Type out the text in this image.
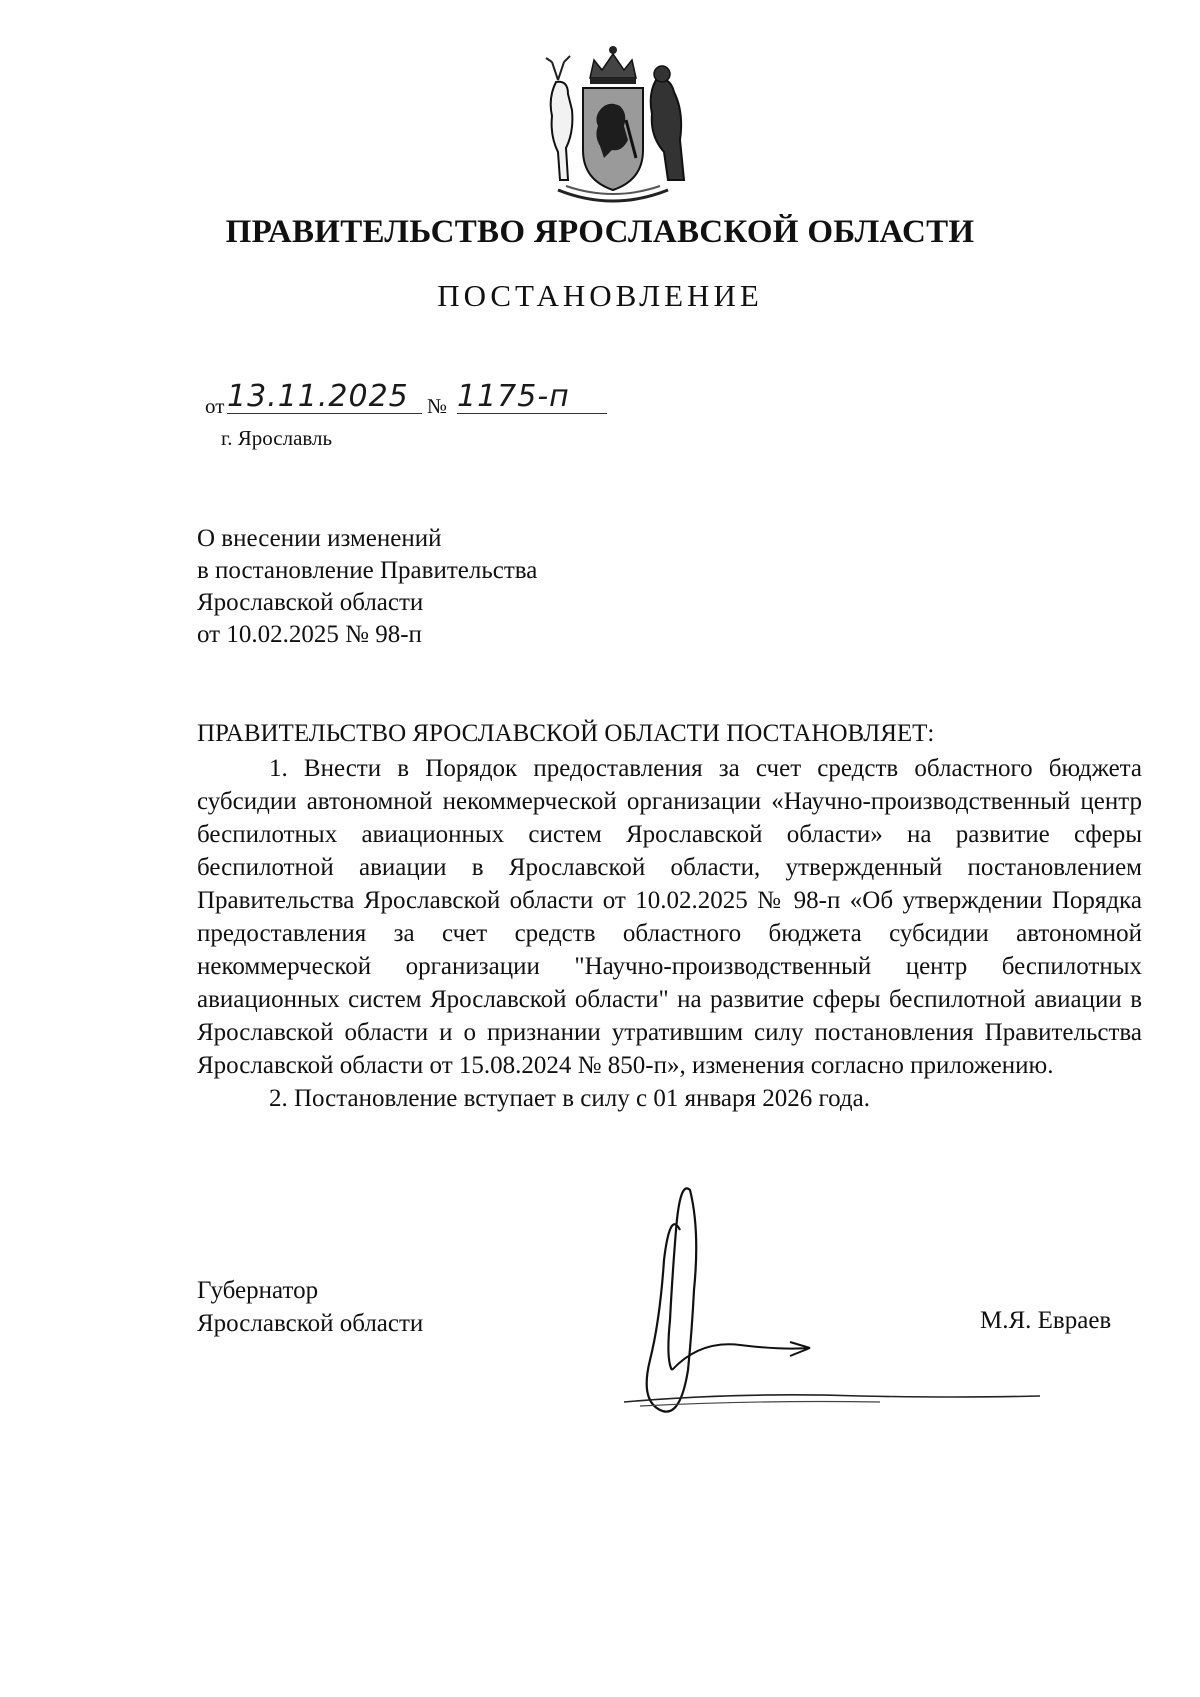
ПРАВИТЕЛЬСТВО ЯРОСЛАВСКОЙ ОБЛАСТИ
ПОСТАНОВЛЕНИЕ
от 13.11.2025 № 1175-п
г. Ярославль
О внесении изменений
в постановление Правительства
Ярославской области
от 10.02.2025 № 98-п
ПРАВИТЕЛЬСТВО ЯРОСЛАВСКОЙ ОБЛАСТИ ПОСТАНОВЛЯЕТ:

1. Внести в Порядок предоставления за счет средств областного бюджета субсидии автономной некоммерческой организации «Научно-производственный центр беспилотных авиационных систем Ярославской области» на развитие сферы беспилотной авиации в Ярославской области, утвержденный постановлением Правительства Ярославской области от 10.02.2025 № 98-п «Об утверждении Порядка предоставления за счет средств областного бюджета субсидии автономной некоммерческой организации "Научно-производственный центр беспилотных авиационных систем Ярославской области" на развитие сферы беспилотной авиации в Ярославской области и о признании утратившим силу постановления Правительства Ярославской области от 15.08.2024 № 850-п», изменения согласно приложению.

2. Постановление вступает в силу с 01 января 2026 года.

Губернатор
Ярославской области	М.Я. Евраев
